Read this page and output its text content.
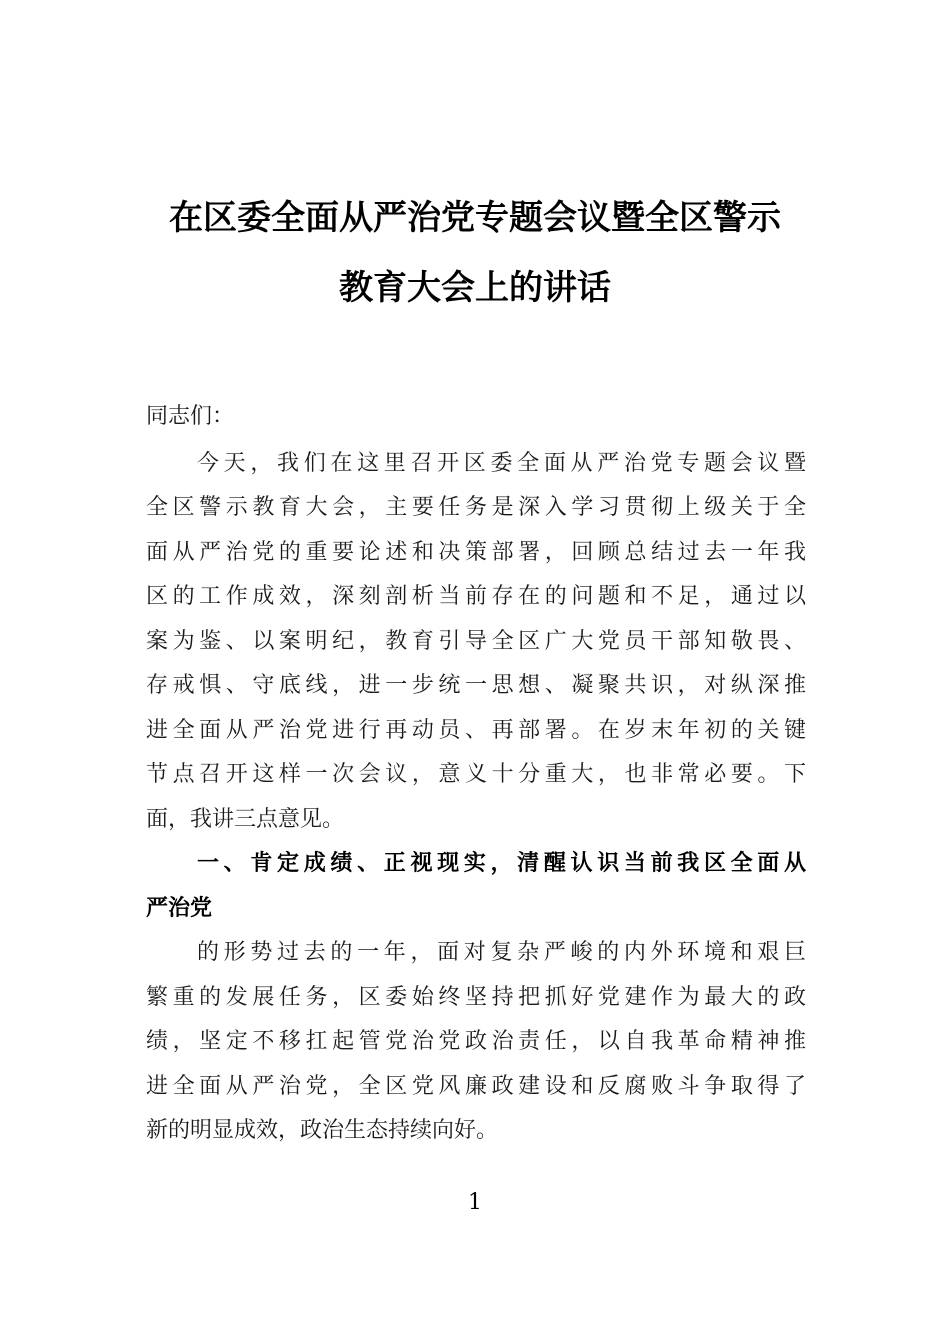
在区委全面从严治党专题会议暨全区警示
教育大会上的讲话
同志们：
今天，我们在这里召开区委全面从严治党专题会议暨
全区警示教育大会，主要任务是深入学习贯彻上级关于全
面从严治党的重要论述和决策部署，回顾总结过去一年我
区的工作成效，深刻剖析当前存在的问题和不足，通过以
案为鉴、以案明纪，教育引导全区广大党员干部知敬畏、
存戒惧、守底线，进一步统一思想、凝聚共识，对纵深推
进全面从严治党进行再动员、再部署。在岁末年初的关键
节点召开这样一次会议，意义十分重大，也非常必要。下
面，我讲三点意见。
一、肯定成绩、正视现实，清醒认识当前我区全面从
严治党
的形势过去的一年，面对复杂严峻的内外环境和艰巨
繁重的发展任务，区委始终坚持把抓好党建作为最大的政
绩，坚定不移扛起管党治党政治责任，以自我革命精神推
进全面从严治党，全区党风廉政建设和反腐败斗争取得了
新的明显成效，政治生态持续向好。
1
